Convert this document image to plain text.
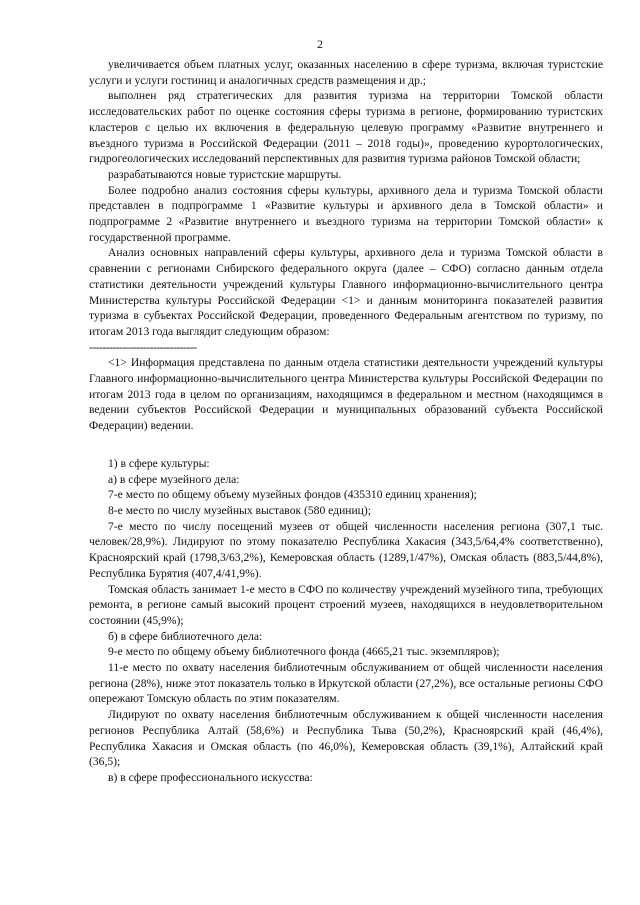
2

увеличивается объем платных услуг, оказанных населению в сфере туризма, включая туристские услуги и услуги гостиниц и аналогичных средств размещения и др.;

выполнен ряд стратегических для развития туризма на территории Томской области исследовательских работ по оценке состояния сферы туризма в регионе, формированию туристских кластеров с целью их включения в федеральную целевую программу «Развитие внутреннего и въездного туризма в Российской Федерации (2011 – 2018 годы)», проведению курортологических, гидрогеологических исследований перспективных для развития туризма районов Томской области;

разрабатываются новые туристские маршруты.

Более подробно анализ состояния сферы культуры, архивного дела и туризма Томской области представлен в подпрограмме 1 «Развитие культуры и архивного дела в Томской области» и подпрограмме 2 «Развитие внутреннего и въездного туризма на территории Томской области» к государственной программе.

Анализ основных направлений сферы культуры, архивного дела и туризма Томской области в сравнении с регионами Сибирского федерального округа (далее – СФО) согласно данным отдела статистики деятельности учреждений культуры Главного информационно-вычислительного центра Министерства культуры Российской Федерации <1> и данным мониторинга показателей развития туризма в субъектах Российской Федерации, проведенного Федеральным агентством по туризму, по итогам 2013 года выглядит следующим образом:

--------------------------------

<1> Информация представлена по данным отдела статистики деятельности учреждений культуры Главного информационно-вычислительного центра Министерства культуры Российской Федерации по итогам 2013 года в целом по организациям, находящимся в федеральном и местном (находящимся в ведении субъектов Российской Федерации и муниципальных образований субъекта Российской Федерации) ведении.

1) в сфере культуры:

а) в сфере музейного дела:

7-е место по общему объему музейных фондов (435310 единиц хранения);

8-е место по числу музейных выставок (580 единиц);

7-е место по числу посещений музеев от общей численности населения региона (307,1 тыс. человек/28,9%). Лидируют по этому показателю Республика Хакасия (343,5/64,4% соответственно), Красноярский край (1798,3/63,2%), Кемеровская область (1289,1/47%), Омская область (883,5/44,8%), Республика Бурятия (407,4/41,9%).

Томская область занимает 1-е место в СФО по количеству учреждений музейного типа, требующих ремонта, в регионе самый высокий процент строений музеев, находящихся в неудовлетворительном состоянии (45,9%);

б) в сфере библиотечного дела:

9-е место по общему объему библиотечного фонда (4665,21 тыс. экземпляров);

11-е место по охвату населения библиотечным обслуживанием от общей численности населения региона (28%), ниже этот показатель только в Иркутской области (27,2%), все остальные регионы СФО опережают Томскую область по этим показателям.

Лидируют по охвату населения библиотечным обслуживанием к общей численности населения регионов Республика Алтай (58,6%) и Республика Тыва (50,2%), Красноярский край (46,4%), Республика Хакасия и Омская область (по 46,0%), Кемеровская область (39,1%), Алтайский край (36,5);

в) в сфере профессионального искусства:
